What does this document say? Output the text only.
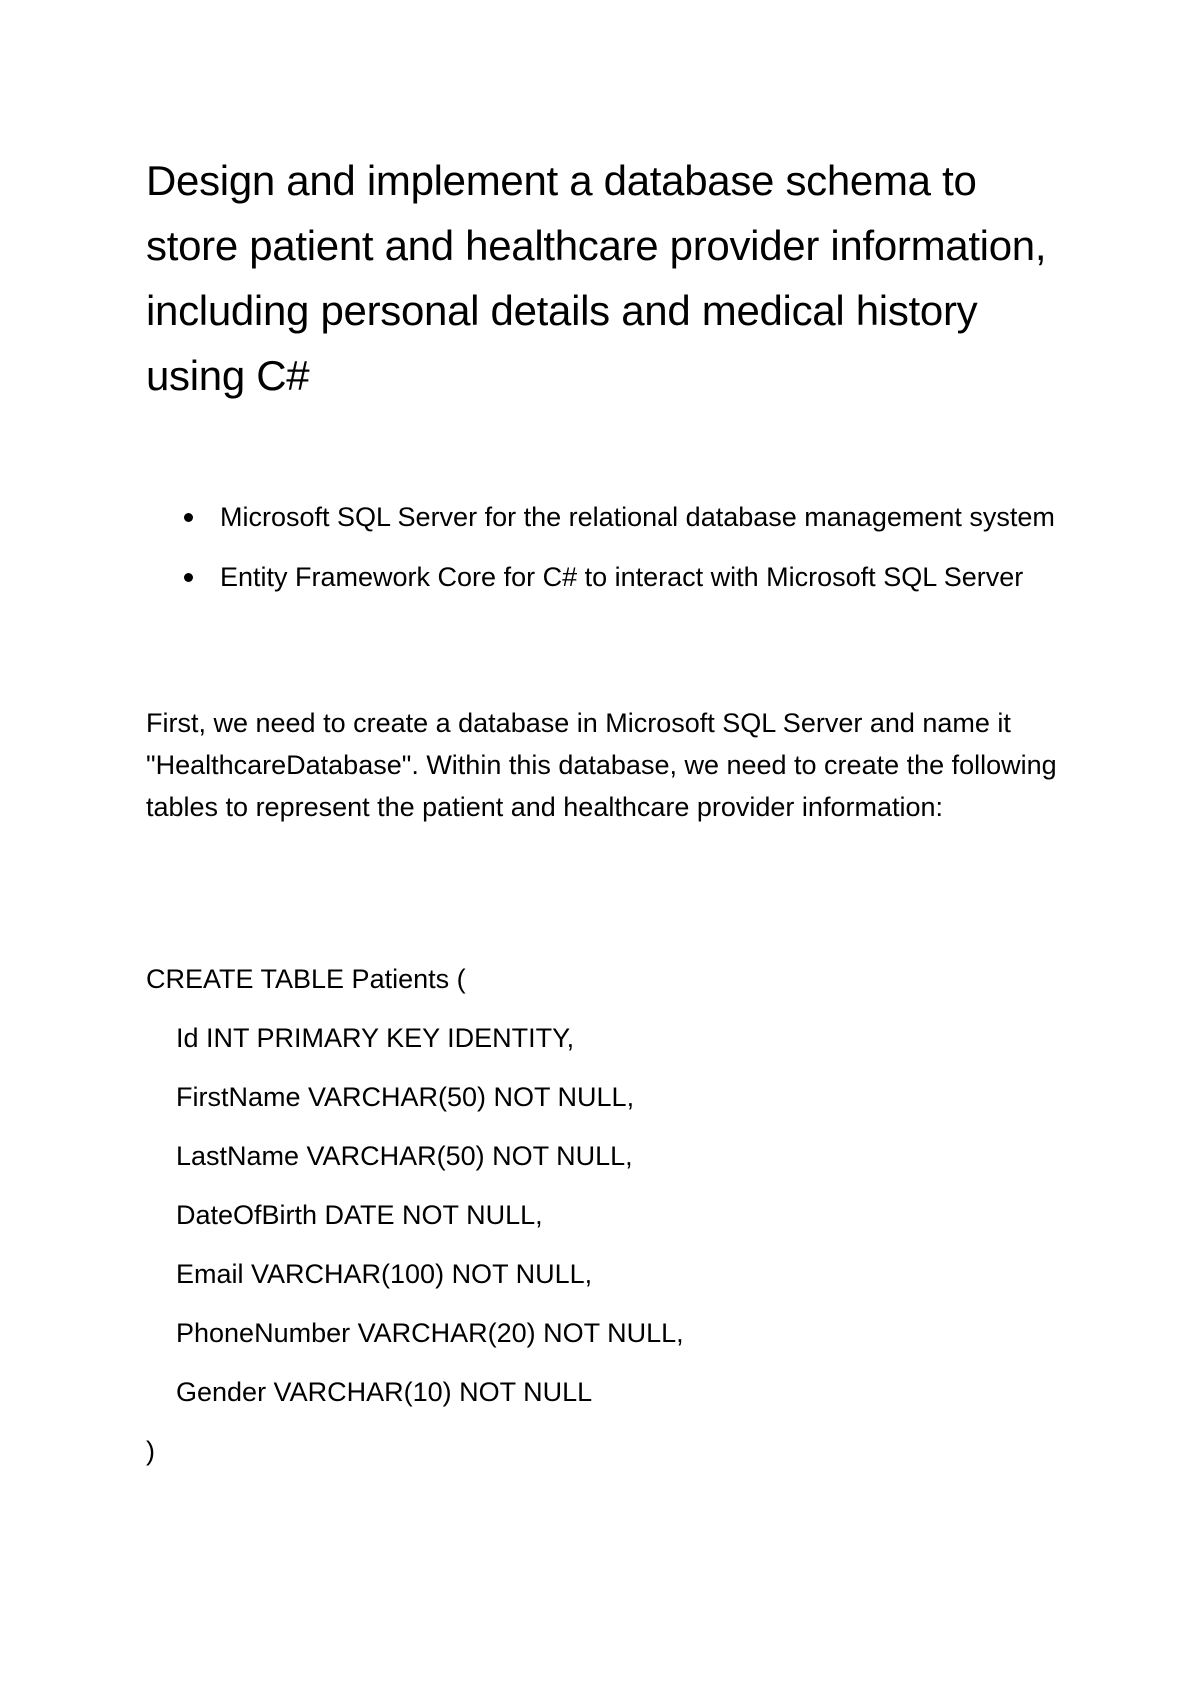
Design and implement a database schema to store patient and healthcare provider information, including personal details and medical history using C#
Microsoft SQL Server for the relational database management system
Entity Framework Core for C# to interact with Microsoft SQL Server

First, we need to create a database in Microsoft SQL Server and name it "HealthcareDatabase". Within this database, we need to create the following tables to represent the patient and healthcare provider information:

CREATE TABLE Patients (
Id INT PRIMARY KEY IDENTITY,
FirstName VARCHAR(50) NOT NULL,
LastName VARCHAR(50) NOT NULL,
DateOfBirth DATE NOT NULL,
Email VARCHAR(100) NOT NULL,
PhoneNumber VARCHAR(20) NOT NULL,
Gender VARCHAR(10) NOT NULL
)
